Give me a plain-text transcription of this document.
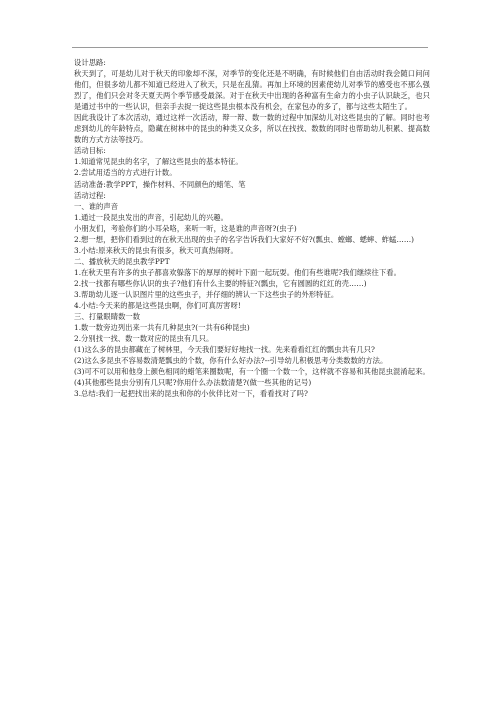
设计思路:

秋天到了，可是幼儿对于秋天的印象却不深，对季节的变化还是不明确，有时候他们自由活动时我会随口问问他们，但很多幼儿都不知道已经进入了秋天，只是在乱猜。再加上环境的因素使幼儿对季节的感受也不那么强烈了，他们只会对冬天夏天两个季节感受最深。对于在秋天中出现的各种富有生命力的小虫子认识缺乏，也只是通过书中的一些认识，但亲手去捉一捉这些昆虫根本没有机会，在家包办的多了，都与这些太陌生了。

因此我设计了本次活动，通过这样一次活动，辩一辩、数一数的过程中加深幼儿对这些昆虫的了解。同时也考虑到幼儿的年龄特点，隐藏在树林中的昆虫的种类又众多，所以在找找、数数的同时也帮助幼儿积累、提高数数的方式方法等技巧。

活动目标:

1.知道常见昆虫的名字，了解这些昆虫的基本特征。

2.尝试用适当的方式进行计数。

活动准备:教学PPT，操作材料、不同颜色的蜡笔、笔

活动过程:

一、谁的声音

1.通过一段昆虫发出的声音，引起幼儿的兴趣。

小朋友们，考验你们的小耳朵咯，来听一听，这是谁的声音呀?(虫子)

2.想一想，把你们看到过的在秋天出现的虫子的名字告诉我们大家好不好?(瓢虫、螳螂、蟋蟀、蚱蜢……)

3.小结:原来秋天的昆虫有很多，秋天可真热闹呀。

二、播放秋天的昆虫教学PPT

1.在秋天里有许多的虫子都喜欢躲落下的厚厚的树叶下面一起玩耍。他们有些谁呢?我们继续往下看。

2.找一找都有哪些你认识的虫子?他们有什么主要的特征?(瓢虫，它有圆圆的红红的壳……)

3.帮助幼儿逐一认识图片里的这些虫子，并仔细的辨认一下这些虫子的外形特征。

4.小结:今天来的都是这些昆虫啊，你们可真厉害呀!

三、打量眼睛数一数

1.数一数旁边列出来一共有几种昆虫?(一共有6种昆虫)

2.分别找一找、数一数对应的昆虫有几只。

(1)这么多的昆虫都藏在了树林里，今天我们要好好地找一找。先来看看红红的瓢虫共有几只?

(2)这么多昆虫不容易数清楚瓢虫的个数，你有什么好办法?--引导幼儿积极思考分类数数的方法。

(3)可不可以用和他身上颜色相同的蜡笔来圈数呢，有一个圈一个数一个，这样就不容易和其他昆虫混淆起来。

(4)其他那些昆虫分别有几只呢?你用什么办法数清楚?(做一些其他的记号)

3.总结:我们一起把找出来的昆虫和你的小伙伴比对一下，看看找对了吗?
